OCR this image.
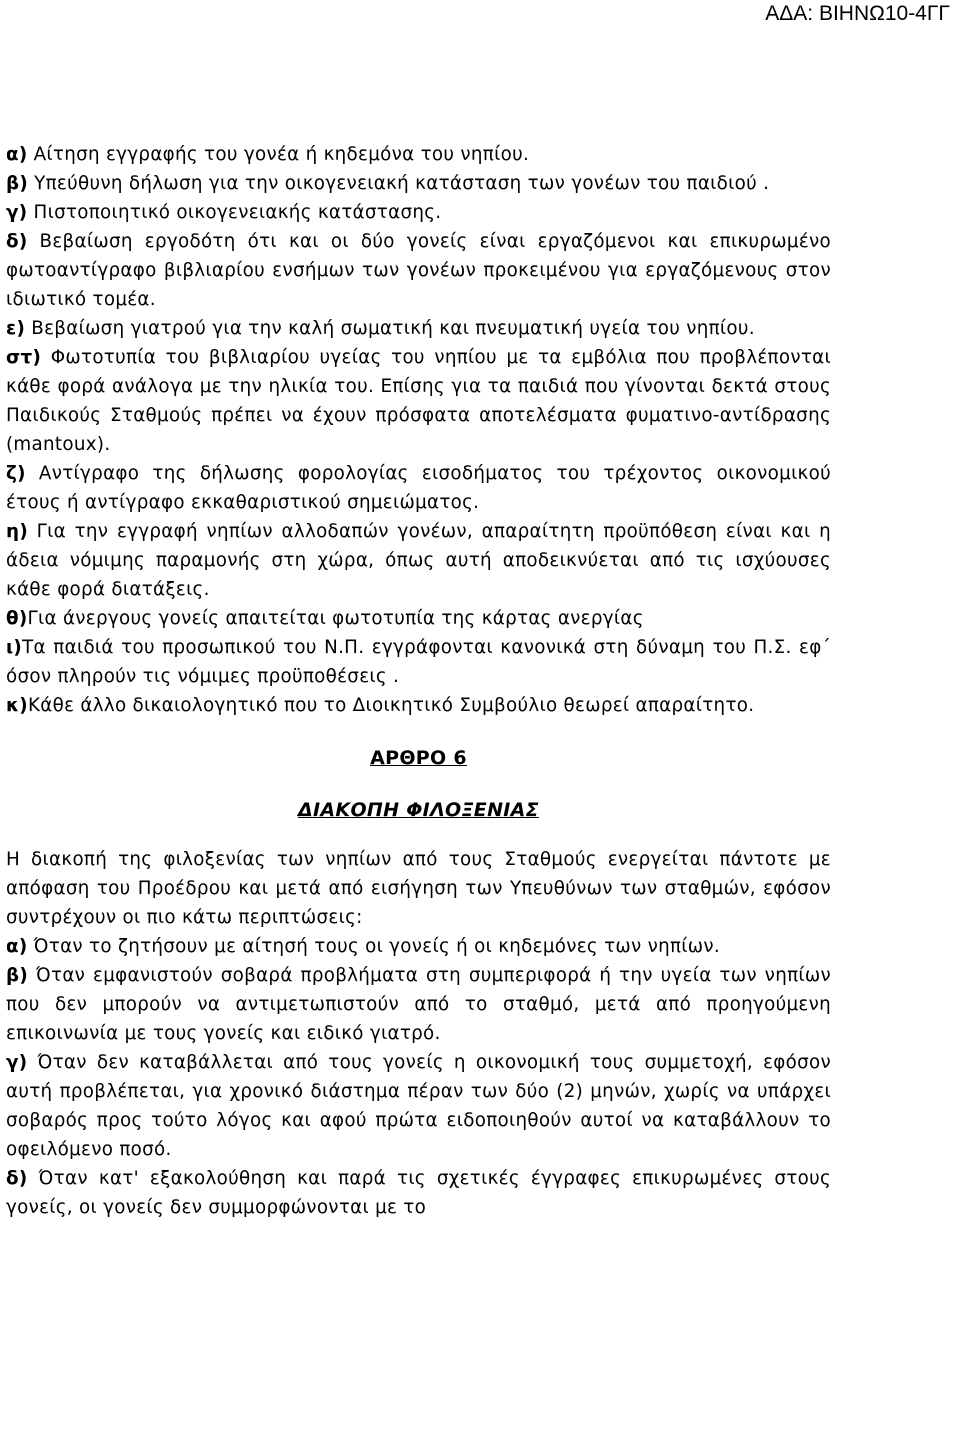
ΑΔΑ: ΒΙΗΝΩ10-4ΓΓ

α) Αίτηση εγγραφής του γονέα ή κηδεμόνα του νηπίου.

β) Υπεύθυνη δήλωση για την οικογενειακή κατάσταση των γονέων του παιδιού .

γ) Πιστοποιητικό οικογενειακής κατάστασης.

δ) Βεβαίωση εργοδότη ότι και οι δύο γονείς είναι εργαζόμενοι και επικυρωμένο φωτοαντίγραφο βιβλιαρίου ενσήμων των γονέων προκειμένου για εργαζόμενους στον ιδιωτικό τομέα.

ε) Βεβαίωση γιατρού για την καλή σωματική και πνευματική υγεία του νηπίου.

στ) Φωτοτυπία του βιβλιαρίου υγείας του νηπίου με τα εμβόλια που προβλέπονται κάθε φορά ανάλογα με την ηλικία του. Επίσης για τα παιδιά που γίνονται δεκτά στους Παιδικούς Σταθμούς πρέπει να έχουν πρόσφατα αποτελέσματα φυματινο-αντίδρασης (mantoux).

ζ) Αντίγραφο της δήλωσης φορολογίας εισοδήματος του τρέχοντος οικονομικού έτους ή αντίγραφο εκκαθαριστικού σημειώματος.

η) Για την εγγραφή νηπίων αλλοδαπών γονέων, απαραίτητη προϋπόθεση είναι και η άδεια νόμιμης παραμονής στη χώρα, όπως αυτή αποδεικνύεται από τις ισχύουσες κάθε φορά διατάξεις.

θ)Για άνεργους γονείς απαιτείται φωτοτυπία της κάρτας ανεργίας

ι)Τα παιδιά του προσωπικού του Ν.Π. εγγράφονται κανονικά στη δύναμη του Π.Σ. εφ΄ όσον πληρούν τις νόμιμες προϋποθέσεις .

κ)Κάθε άλλο δικαιολογητικό που το Διοικητικό Συμβούλιο θεωρεί απαραίτητο.

ΑΡΘΡΟ 6

ΔΙΑΚΟΠΗ ΦΙΛΟΞΕΝΙΑΣ

Η διακοπή της φιλοξενίας των νηπίων από τους Σταθμούς ενεργείται πάντοτε με απόφαση του Προέδρου και μετά από εισήγηση των Υπευθύνων των σταθμών, εφόσον συντρέχουν οι πιο κάτω περιπτώσεις:

α) Όταν το ζητήσουν με αίτησή τους οι γονείς ή οι κηδεμόνες των νηπίων.

β) Όταν εμφανιστούν σοβαρά προβλήματα στη συμπεριφορά ή την υγεία των νηπίων που δεν μπορούν να αντιμετωπιστούν από το σταθμό, μετά από προηγούμενη επικοινωνία με τους γονείς και ειδικό γιατρό.

γ) Όταν δεν καταβάλλεται από τους γονείς η οικονομική τους συμμετοχή, εφόσον αυτή προβλέπεται, για χρονικό διάστημα πέραν των δύο (2) μηνών, χωρίς να υπάρχει σοβαρός προς τούτο λόγος και αφού πρώτα ειδοποιηθούν αυτοί να καταβάλλουν το οφειλόμενο ποσό.

δ) Όταν κατ' εξακολούθηση και παρά τις σχετικές έγγραφες επικυρωμένες στους γονείς, οι γονείς δεν συμμορφώνονται με το
